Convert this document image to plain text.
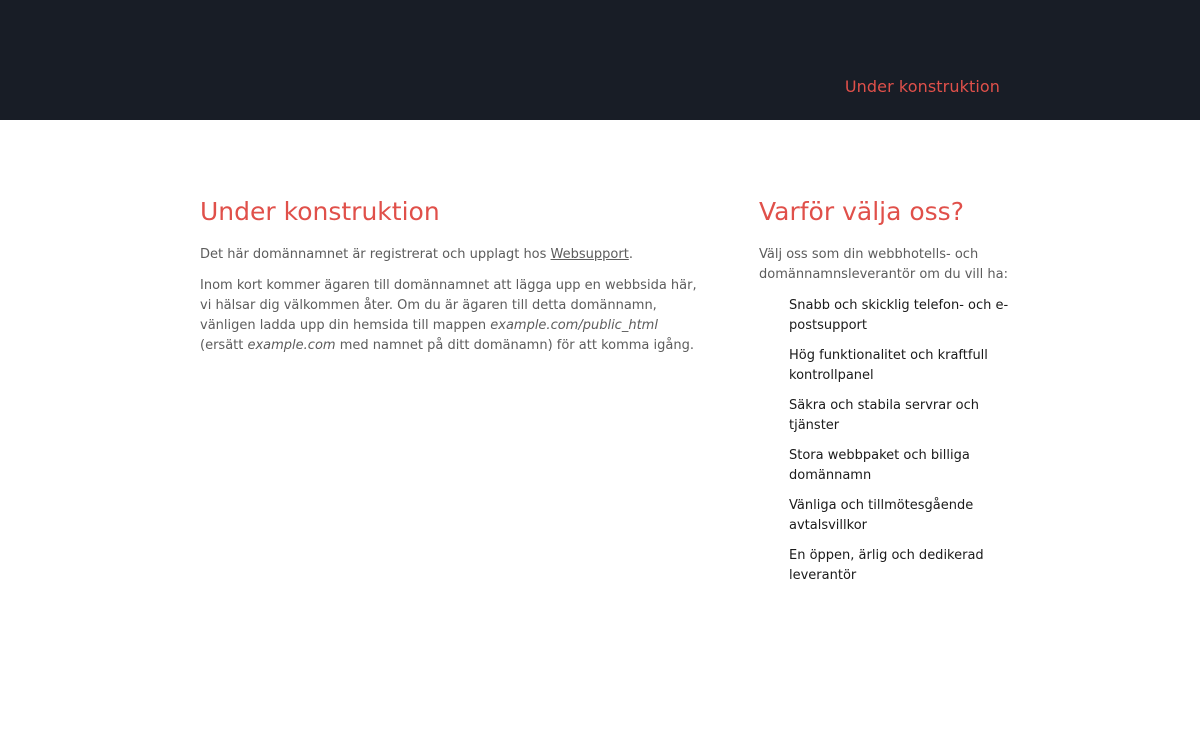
Under konstruktion
Under konstruktion

Det här domännamnet är registrerat och upplagt hos Websupport.

Inom kort kommer ägaren till domännamnet att lägga upp en webbsida här, vi hälsar dig välkommen åter. Om du är ägaren till detta domännamn, vänligen ladda upp din hemsida till mappen example.com/public_html (ersätt example.com med namnet på ditt domänamn) för att komma igång.

Varför välja oss?

Välj oss som din webbhotells- och domännamnsleverantör om du vill ha:

Snabb och skicklig telefon- och e-postsupport
Hög funktionalitet och kraftfull kontrollpanel
Säkra och stabila servrar och tjänster
Stora webbpaket och billiga domännamn
Vänliga och tillmötesgående avtalsvillkor
En öppen, ärlig och dedikerad leverantör
